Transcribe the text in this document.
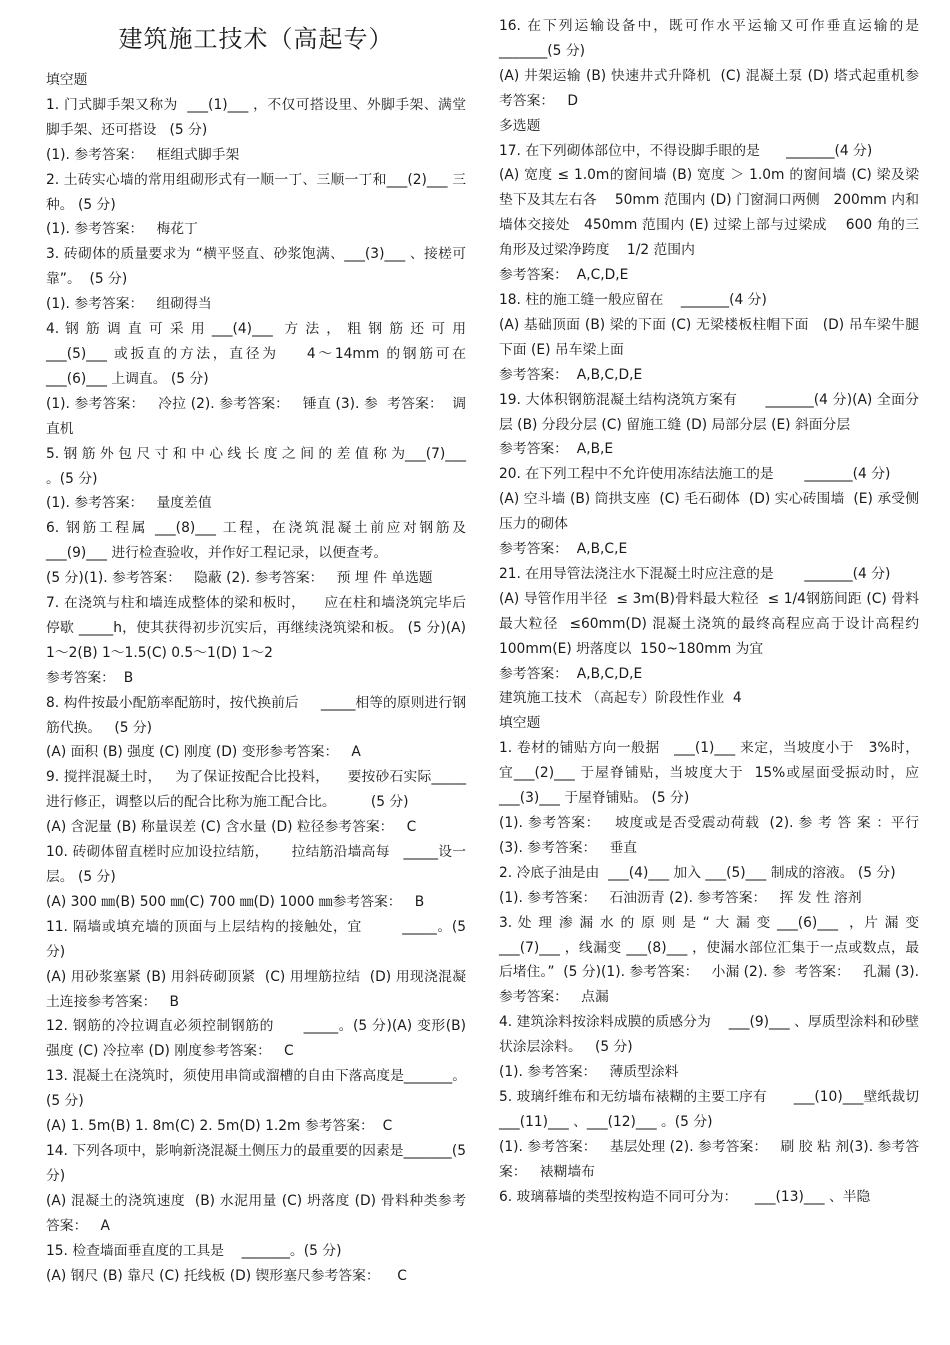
建筑施工技术（高起专）
填空题
1. 门式脚手架又称为  ___(1)___ ，不仅可搭设里、外脚手架、满堂脚手架、还可搭设   (5 分)
(1). 参考答案：   框组式脚手架
2. 土砖实心墙的常用组砌形式有一顺一丁、三顺一丁和___(2)___ 三种。 (5 分)
(1). 参考答案：   梅花丁
3. 砖砌体的质量要求为 “横平竖直、砂浆饱满、___(3)___ 、接槎可靠”。  (5 分)
(1). 参考答案：   组砌得当
4. 钢 筋 调 直 可 采 用 ___(4)___  方 法 ， 粗 钢 筋 还 可 用___(5)___ 或扳直的方法，直径为    4～14mm 的钢筋可在___(6)___ 上调直。 (5 分)
(1). 参考答案：   冷拉 (2). 参考答案：   锤直 (3). 参  考答案：  调直机
5. 钢 筋 外 包 尺 寸 和 中 心 线 长 度 之 间 的 差 值 称 为___(7)___ 。(5 分)
(1). 参考答案：   量度差值
6. 钢筋工程属 ___(8)___ 工程，在浇筑混凝土前应对钢筋及___(9)___ 进行检查验收，并作好工程记录，以便查考。
(5 分)(1). 参考答案：   隐蔽 (2). 参考答案：   预 埋 件 单选题
7. 在浇筑与柱和墙连成整体的梁和板时，    应在柱和墙浇筑完毕后停歇 _____h，使其获得初步沉实后，再继续浇筑梁和板。 (5 分)(A) 1～2(B) 1～1.5(C) 0.5～1(D) 1～2
参考答案：  B
8. 构件按最小配筋率配筋时，按代换前后     _____相等的原则进行钢筋代换。   (5 分)
(A) 面积 (B) 强度 (C) 刚度 (D) 变形参考答案：   A
9. 搅拌混凝土时，   为了保证按配合比投料，    要按砂石实际_____进行修正，调整以后的配合比称为施工配合比。        (5 分)
(A) 含泥量 (B) 称量误差 (C) 含水量 (D) 粒径参考答案：   C
10. 砖砌体留直槎时应加设拉结筋，     拉结筋沿墙高每   _____设一层。 (5 分)
(A) 300 ㎜(B) 500 ㎜(C) 700 ㎜(D) 1000 ㎜参考答案：   B
11. 隔墙或填充墙的顶面与上层结构的接触处，宜        _____。(5 分)
(A) 用砂浆塞紧 (B) 用斜砖砌顶紧  (C) 用埋筋拉结  (D) 用现浇混凝土连接参考答案：   B
12. 钢筋的冷拉调直必须控制钢筋的      _____。(5 分)(A) 变形(B) 强度 (C) 冷拉率 (D) 刚度参考答案：   C
13. 混凝土在浇筑时，须使用串筒或溜槽的自由下落高度是_______。(5 分)
(A) 1. 5m(B) 1. 8m(C) 2. 5m(D) 1.2m 参考答案：  C
14. 下列各项中，影响新浇混凝土侧压力的最重要的因素是_______(5 分)
(A) 混凝土的浇筑速度  (B) 水泥用量 (C) 坍落度 (D) 骨料种类参考答案：   A
15. 检查墙面垂直度的工具是    _______。(5 分)
(A) 钢尺 (B) 靠尺 (C) 托线板 (D) 锲形塞尺参考答案：    C
16. 在下列运输设备中，既可作水平运输又可作垂直运输的是 _______(5 分)
(A) 井架运输 (B) 快速井式升降机  (C) 混凝土泵 (D) 塔式起重机参考答案：   D
多选题
17. 在下列砌体部位中，不得设脚手眼的是      _______(4 分)
(A) 宽度 ≤ 1.0m的窗间墙 (B) 宽度 ＞ 1.0m 的窗间墙 (C) 梁及梁垫下及其左右各    50mm 范围内 (D) 门窗洞口两侧   200mm 内和墙体交接处   450mm 范围内 (E) 过梁上部与过梁成    600 角的三角形及过梁净跨度    1/2 范围内
参考答案：  A,C,D,E
18. 柱的施工缝一般应留在    _______(4 分)
(A) 基础顶面 (B) 梁的下面 (C) 无梁楼板柱帽下面   (D) 吊车梁牛腿下面 (E) 吊车梁上面
参考答案：  A,B,C,D,E
19. 大体积钢筋混凝土结构浇筑方案有      _______(4 分)(A) 全面分层 (B) 分段分层 (C) 留施工缝 (D) 局部分层 (E) 斜面分层
参考答案：  A,B,E
20. 在下列工程中不允许使用冻结法施工的是       _______(4 分)
(A) 空斗墙 (B) 筒拱支座  (C) 毛石砌体  (D) 实心砖围墙  (E) 承受侧压力的砌体
参考答案：  A,B,C,E
21. 在用导管法浇注水下混凝土时应注意的是       _______(4 分)
(A) 导管作用半径  ≤ 3m(B)骨料最大粒径  ≤ 1/4钢筋间距 (C) 骨料最大粒径  ≤60mm(D) 混凝土浇筑的最终高程应高于设计高程约  100mm(E) 坍落度以  150~180mm 为宜
参考答案：  A,B,C,D,E
建筑施工技术 （高起专）阶段性作业  4
填空题
1. 卷材的铺贴方向一般据   ___(1)___ 来定，当坡度小于   3%时，宜___(2)___ 于屋脊铺贴，当坡度大于  15%或屋面受振动时，应___(3)___ 于屋脊铺贴。 (5 分)
(1). 参考答案：   坡度或是否受震动荷载  (2). 参 考 答 案 ：平行 (3). 参考答案：   垂直
2. 冷底子油是由  ___(4)___ 加入 ___(5)___ 制成的溶液。 (5 分)
(1). 参考答案：   石油沥青 (2). 参考答案：   挥 发 性 溶剂
3. 处 理 渗 漏 水 的 原 则 是 “ 大 漏 变 ___(6)___  ，片 漏 变___(7)___ ，线漏变 ___(8)___ ，使漏水部位汇集于一点或数点，最后堵住。”  (5 分)(1). 参考答案：   小漏 (2). 参  考答案：   孔漏 (3). 参考答案：   点漏
4. 建筑涂料按涂料成膜的质感分为    ___(9)___ 、厚质型涂料和砂壁状涂层涂料。   (5 分)
(1). 参考答案：   薄质型涂料
5. 玻璃纤维布和无纺墙布裱糊的主要工序有      ___(10)___壁纸裁切 ___(11)___ 、___(12)___ 。(5 分)
(1). 参考答案：   基层处理 (2). 参考答案：   刷 胶 粘 剂(3). 参考答案：   裱糊墙布
6. 玻璃幕墙的类型按构造不同可分为：    ___(13)___ 、半隐
